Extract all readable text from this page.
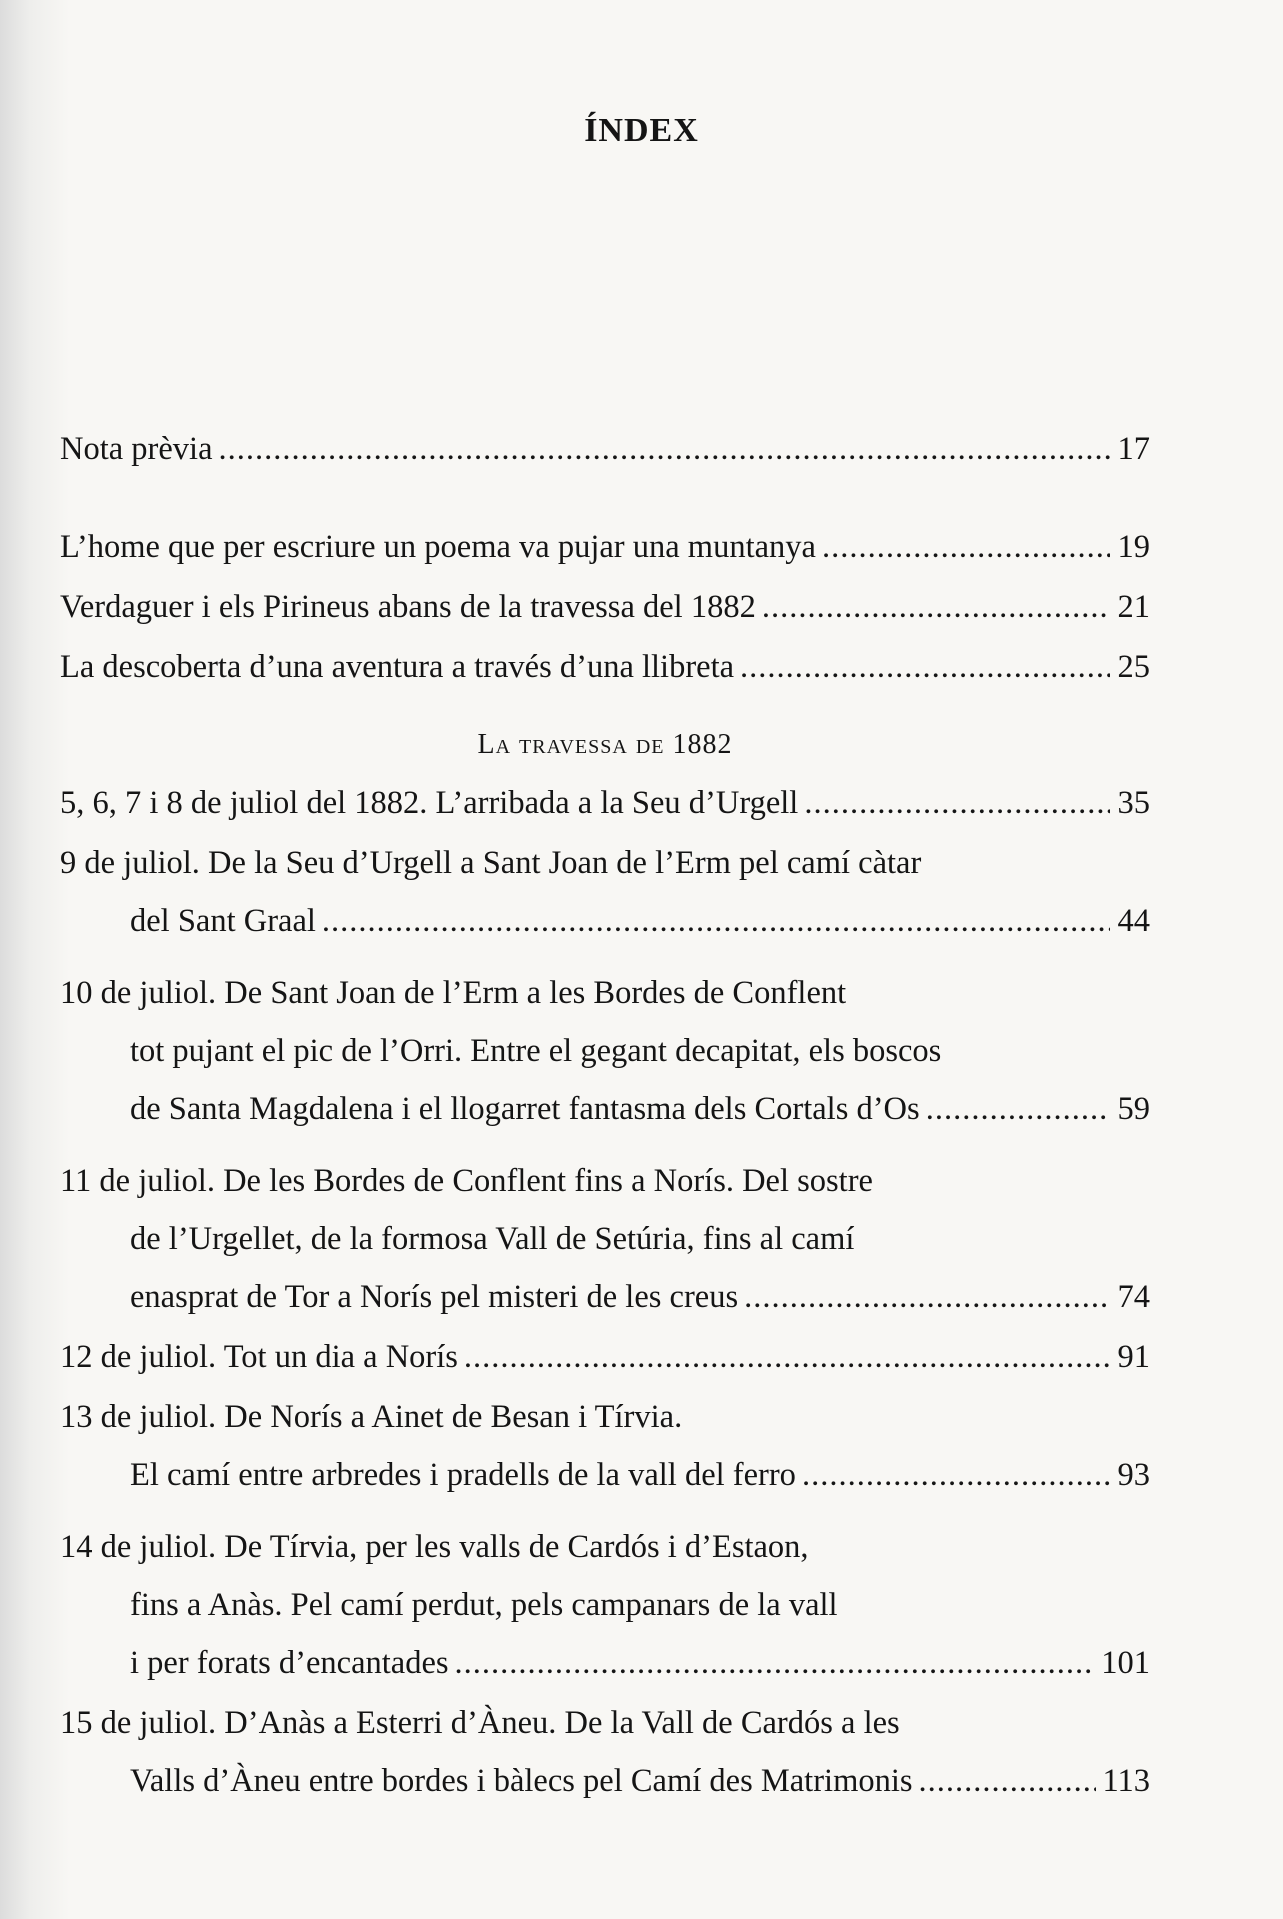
ÍNDEX
Nota prèvia .....	17
L’home que per escriure un poema va pujar una muntanya .....	19
Verdaguer i els Pirineus abans de la travessa del 1882 .....	21
La descoberta d’una aventura a través d’una llibreta .....	25
La travessa de 1882
5, 6, 7 i 8 de juliol del 1882. L’arribada a la Seu d’Urgell .....	35
9 de juliol. De la Seu d’Urgell a Sant Joan de l’Erm pel camí càtar
del Sant Graal .....	44
10 de juliol. De Sant Joan de l’Erm a les Bordes de Conflent
tot pujant el pic de l’Orri. Entre el gegant decapitat, els boscos
de Santa Magdalena i el llogarret fantasma dels Cortals d’Os .....	59
11 de juliol. De les Bordes de Conflent fins a Norís. Del sostre
de l’Urgellet, de la formosa Vall de Setúria, fins al camí
enasprat de Tor a Norís pel misteri de les creus .....	74
12 de juliol. Tot un dia a Norís .....	91
13 de juliol. De Norís a Ainet de Besan i Tírvia.
El camí entre arbredes i pradells de la vall del ferro .....	93
14 de juliol. De Tírvia, per les valls de Cardós i d’Estaon,
fins a Anàs. Pel camí perdut, pels campanars de la vall
i per forats d’encantades .....	101
15 de juliol. D’Anàs a Esterri d’Àneu. De la Vall de Cardós a les
Valls d’Àneu entre bordes i bàlecs pel Camí des Matrimonis .....	113
